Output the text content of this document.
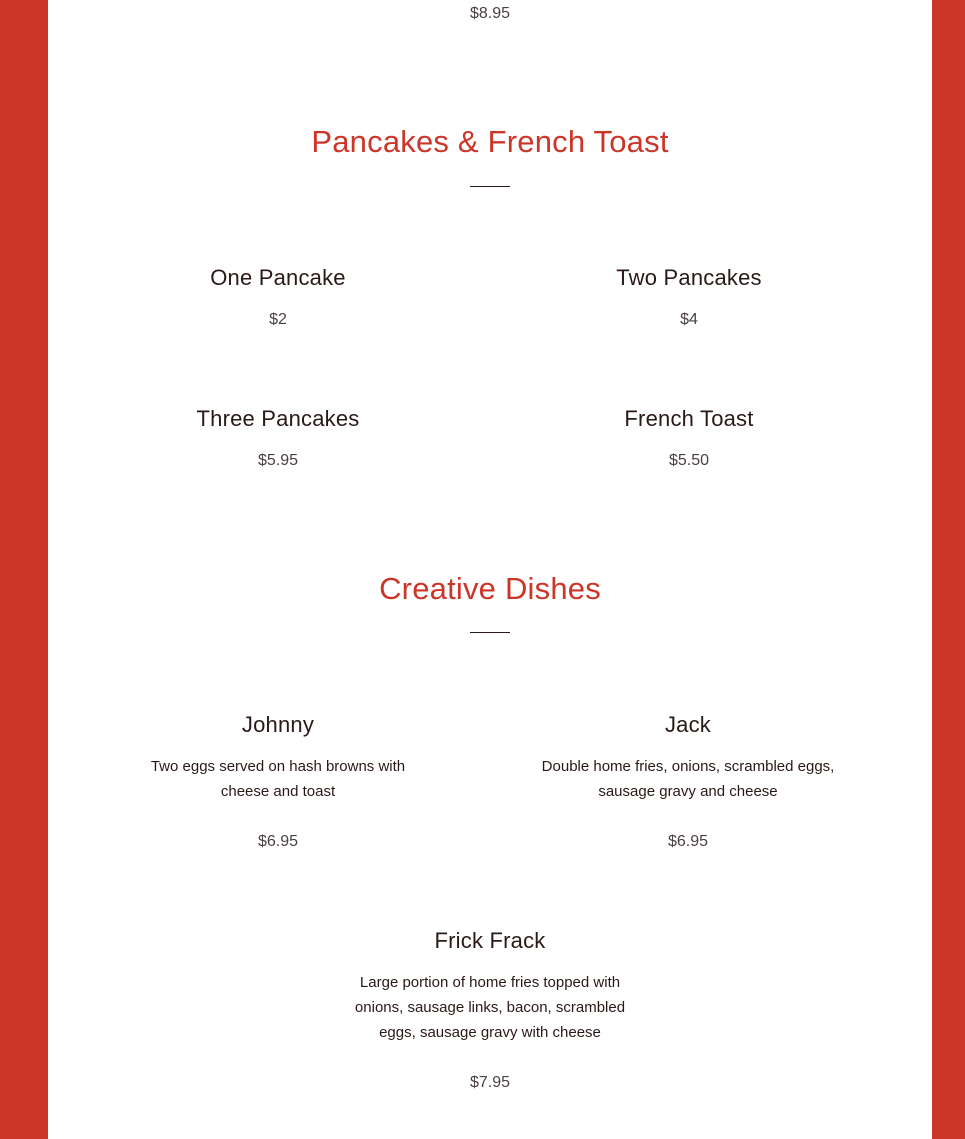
$8.95
Pancakes & French Toast
One Pancake
$2
Two Pancakes
$4
Three Pancakes
$5.95
French Toast
$5.50
Creative Dishes
Johnny
Two eggs served on hash browns with cheese and toast
$6.95
Jack
Double home fries, onions, scrambled eggs, sausage gravy and cheese
$6.95
Frick Frack
Large portion of home fries topped with onions, sausage links, bacon, scrambled eggs, sausage gravy with cheese
$7.95
